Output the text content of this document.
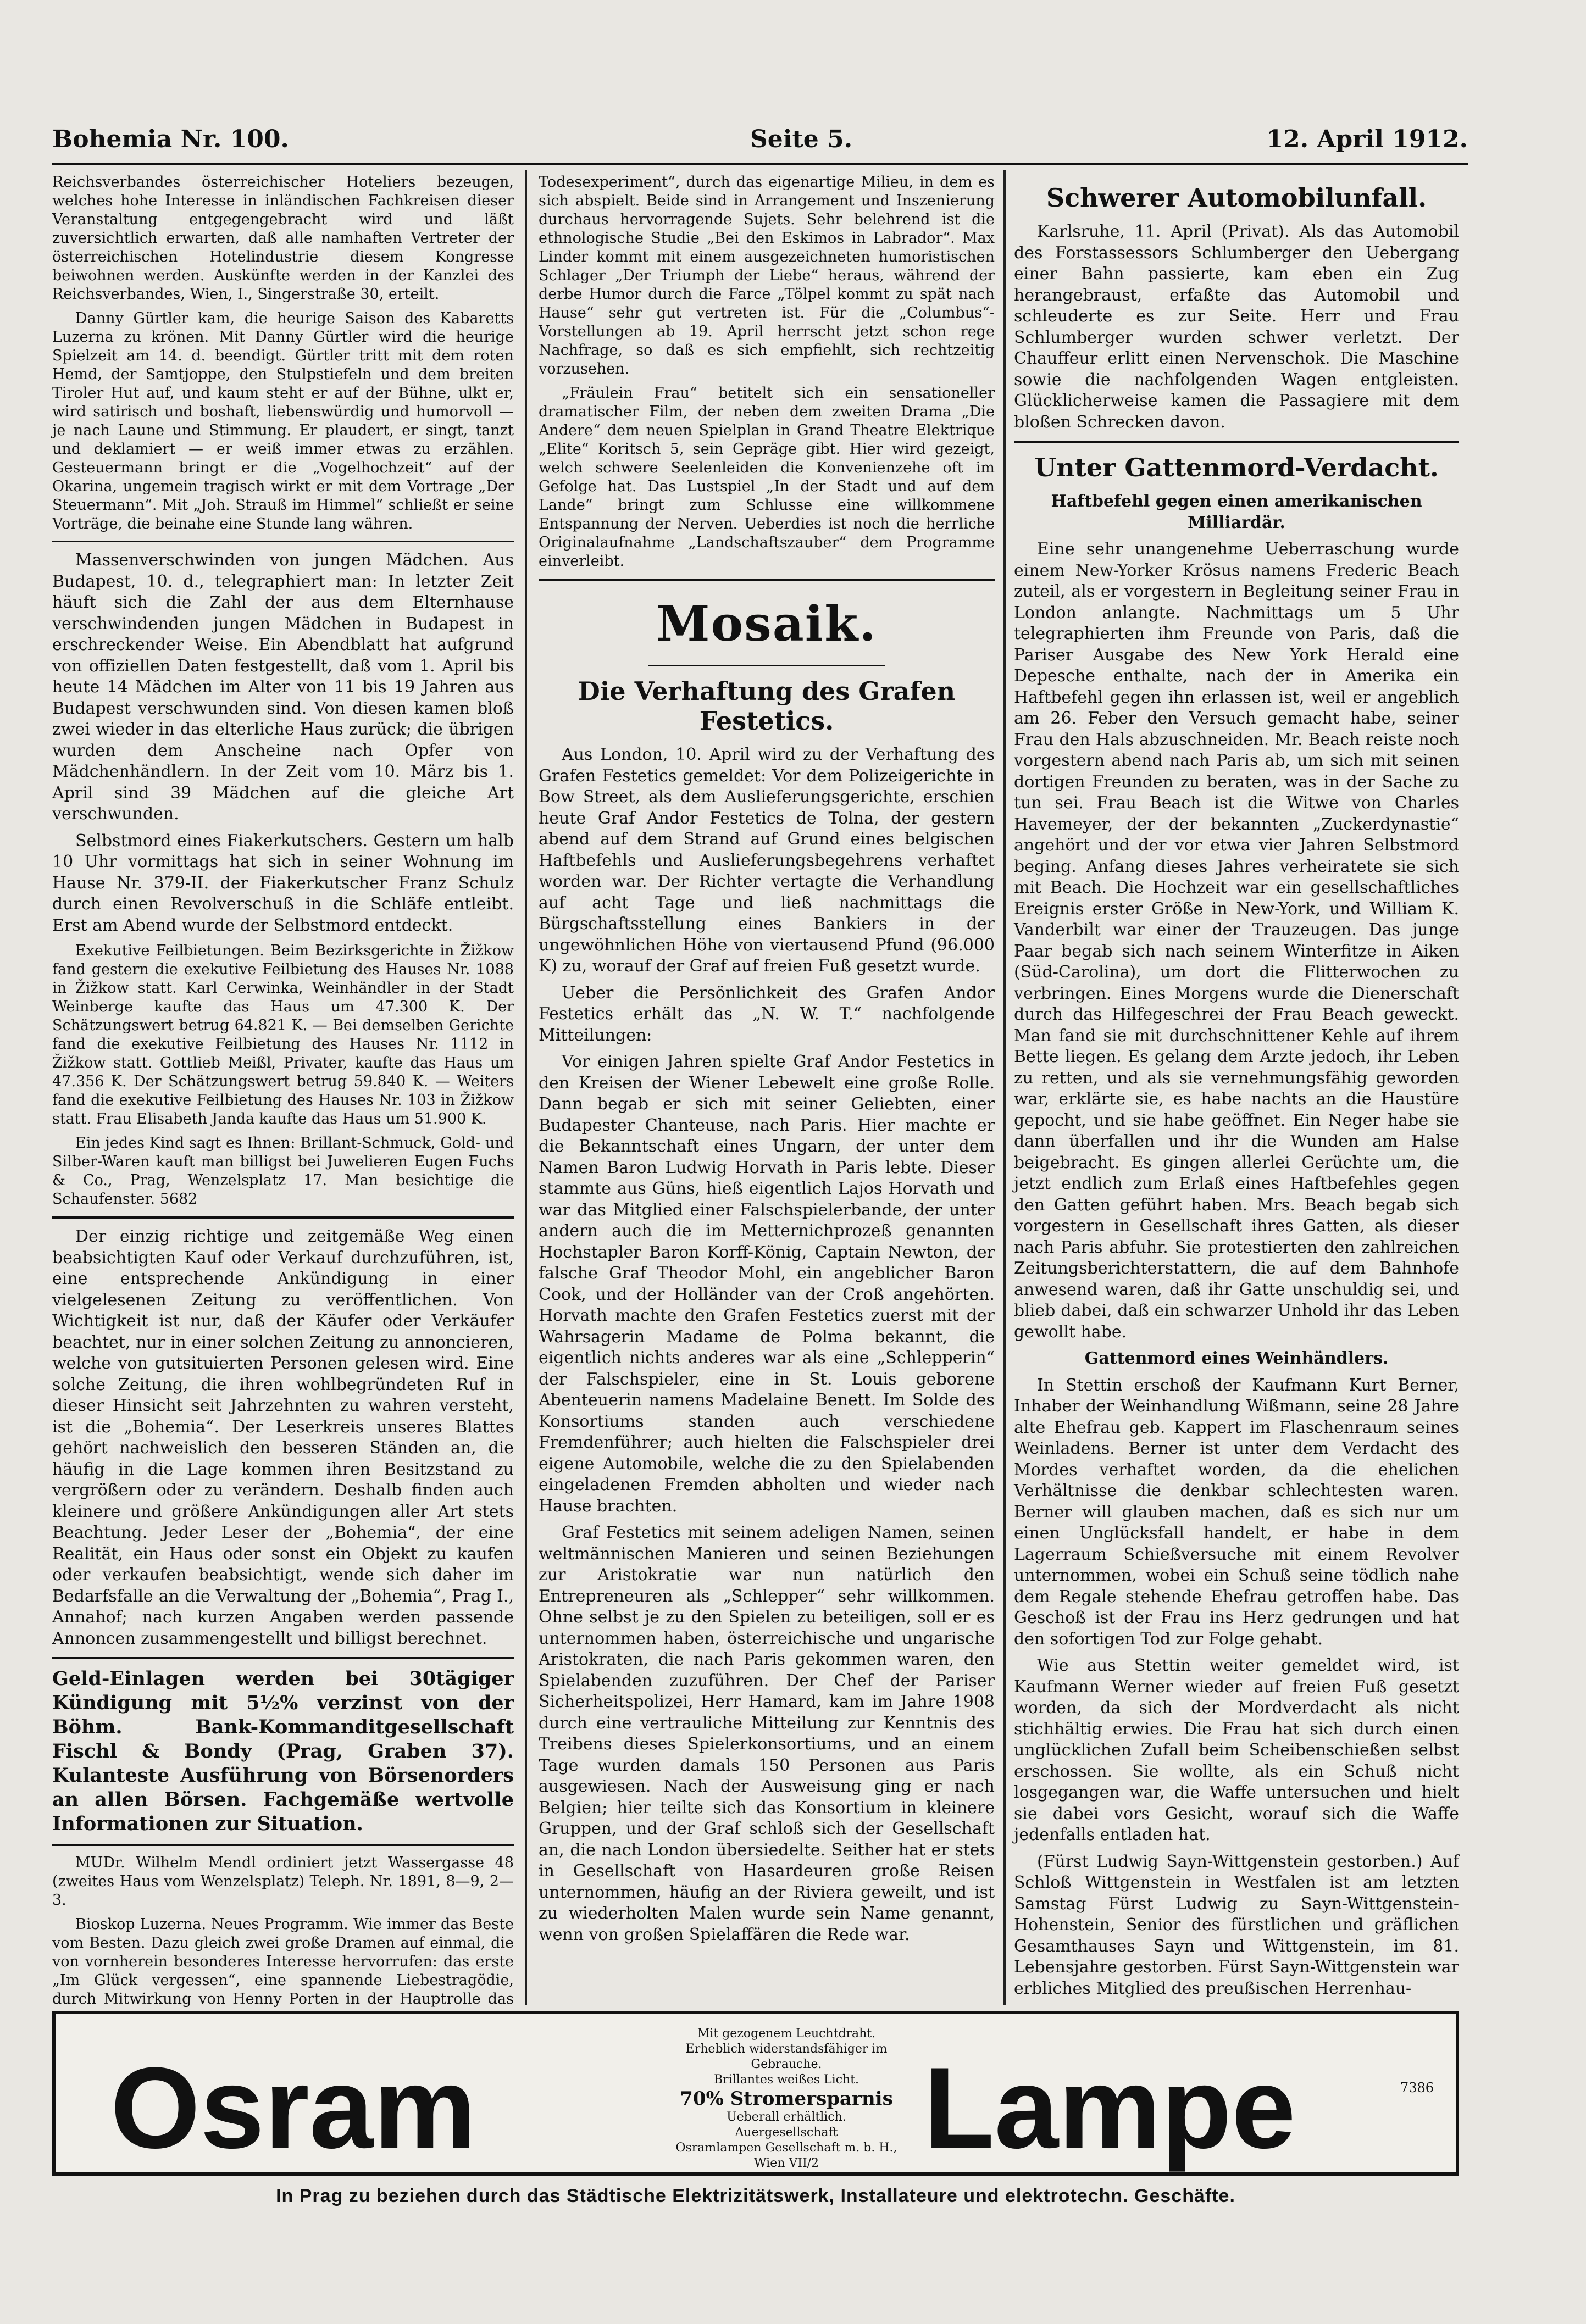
Bohemia Nr. 100.	Seite 5.	12. April 1912.

Reichsverbandes österreichischer Hoteliers bezeugen, welches hohe Interesse in inländischen Fachkreisen dieser Veranstaltung entgegengebracht wird und läßt zuversichtlich erwarten, daß alle namhaften Vertreter der österreichischen Hotelindustrie diesem Kongresse beiwohnen werden. Auskünfte werden in der Kanzlei des Reichsverbandes, Wien, I., Singerstraße 30, erteilt.

Danny Gürtler kam, die heurige Saison des Kabaretts Luzerna zu krönen. Mit Danny Gürtler wird die heurige Spielzeit am 14. d. beendigt. Gürtler tritt mit dem roten Hemd, der Samtjoppe, den Stulpstiefeln und dem breiten Tiroler Hut auf, und kaum steht er auf der Bühne, ulkt er, wird satirisch und boshaft, liebenswürdig und humorvoll — je nach Laune und Stimmung. Er plaudert, er singt, tanzt und deklamiert — er weiß immer etwas zu erzählen. Gesteuermann bringt er die „Vogelhochzeit“ auf der Okarina, ungemein tragisch wirkt er mit dem Vortrage „Der Steuermann“. Mit „Joh. Strauß im Himmel“ schließt er seine Vorträge, die beinahe eine Stunde lang währen.

Massenverschwinden von jungen Mädchen. Aus Budapest, 10. d., telegraphiert man: In letzter Zeit häuft sich die Zahl der aus dem Elternhause verschwindenden jungen Mädchen in Budapest in erschreckender Weise. Ein Abendblatt hat aufgrund von offiziellen Daten festgestellt, daß vom 1. April bis heute 14 Mädchen im Alter von 11 bis 19 Jahren aus Budapest verschwunden sind. Von diesen kamen bloß zwei wieder in das elterliche Haus zurück; die übrigen wurden dem Anscheine nach Opfer von Mädchenhändlern. In der Zeit vom 10. März bis 1. April sind 39 Mädchen auf die gleiche Art verschwunden.

Selbstmord eines Fiakerkutschers. Gestern um halb 10 Uhr vormittags hat sich in seiner Wohnung im Hause Nr. 379-II. der Fiakerkutscher Franz Schulz durch einen Revolverschuß in die Schläfe entleibt. Erst am Abend wurde der Selbstmord entdeckt.

Exekutive Feilbietungen. Beim Bezirksgerichte in Žižkow fand gestern die exekutive Feilbietung des Hauses Nr. 1088 in Žižkow statt. Karl Cerwinka, Weinhändler in der Stadt Weinberge kaufte das Haus um 47.300 K. Der Schätzungswert betrug 64.821 K. — Bei demselben Gerichte fand die exekutive Feilbietung des Hauses Nr. 1112 in Žižkow statt. Gottlieb Meißl, Privater, kaufte das Haus um 47.356 K. Der Schätzungswert betrug 59.840 K. — Weiters fand die exekutive Feilbietung des Hauses Nr. 103 in Žižkow statt. Frau Elisabeth Janda kaufte das Haus um 51.900 K.

Ein jedes Kind sagt es Ihnen: Brillant-Schmuck, Gold- und Silber-Waren kauft man billigst bei Juwelieren Eugen Fuchs & Co., Prag, Wenzelsplatz 17. Man besichtige die Schaufenster. 5682

Der einzig richtige und zeitgemäße Weg einen beabsichtigten Kauf oder Verkauf durchzuführen, ist, eine entsprechende Ankündigung in einer vielgelesenen Zeitung zu veröffentlichen. Von Wichtigkeit ist nur, daß der Käufer oder Verkäufer beachtet, nur in einer solchen Zeitung zu annoncieren, welche von gutsituierten Personen gelesen wird. Eine solche Zeitung, die ihren wohlbegründeten Ruf in dieser Hinsicht seit Jahrzehnten zu wahren versteht, ist die „Bohemia“. Der Leserkreis unseres Blattes gehört nachweislich den besseren Ständen an, die häufig in die Lage kommen ihren Besitzstand zu vergrößern oder zu verändern. Deshalb finden auch kleinere und größere Ankündigungen aller Art stets Beachtung. Jeder Leser der „Bohemia“, der eine Realität, ein Haus oder sonst ein Objekt zu kaufen oder verkaufen beabsichtigt, wende sich daher im Bedarfsfalle an die Verwaltung der „Bohemia“, Prag I., Annahof; nach kurzen Angaben werden passende Annoncen zusammengestellt und billigst berechnet.

Geld-Einlagen werden bei 30tägiger Kündigung mit 5½% verzinst von der Böhm. Bank-Kommanditgesellschaft Fischl & Bondy (Prag, Graben 37). Kulanteste Ausführung von Börsenorders an allen Börsen. Fachgemäße wertvolle Informationen zur Situation.

MUDr. Wilhelm Mendl ordiniert jetzt Wassergasse 48 (zweites Haus vom Wenzelsplatz) Teleph. Nr. 1891, 8—9, 2—3.

Bioskop Luzerna. Neues Programm. Wie immer das Beste vom Besten. Dazu gleich zwei große Dramen auf einmal, die von vornherein besonderes Interesse hervorrufen: das erste „Im Glück vergessen“, eine spannende Liebestragödie, durch Mitwirkung von Henny Porten in der Hauptrolle das

Todesexperiment“, durch das eigenartige Milieu, in dem es sich abspielt. Beide sind in Arrangement und Inszenierung durchaus hervorragende Sujets. Sehr belehrend ist die ethnologische Studie „Bei den Eskimos in Labrador“. Max Linder kommt mit einem ausgezeichneten humoristischen Schlager „Der Triumph der Liebe“ heraus, während der derbe Humor durch die Farce „Tölpel kommt zu spät nach Hause“ sehr gut vertreten ist. Für die „Columbus“-Vorstellungen ab 19. April herrscht jetzt schon rege Nachfrage, so daß es sich empfiehlt, sich rechtzeitig vorzusehen.

„Fräulein Frau“ betitelt sich ein sensationeller dramatischer Film, der neben dem zweiten Drama „Die Andere“ dem neuen Spielplan in Grand Theatre Elektrique „Elite“ Koritsch 5, sein Gepräge gibt. Hier wird gezeigt, welch schwere Seelenleiden die Konvenienzehe oft im Gefolge hat. Das Lustspiel „In der Stadt und auf dem Lande“ bringt zum Schlusse eine willkommene Entspannung der Nerven. Ueberdies ist noch die herrliche Originalaufnahme „Landschaftszauber“ dem Programme einverleibt.

Mosaik.
Die Verhaftung des Grafen Festetics.

Aus London, 10. April wird zu der Verhaftung des Grafen Festetics gemeldet: Vor dem Polizeigerichte in Bow Street, als dem Auslieferungsgerichte, erschien heute Graf Andor Festetics de Tolna, der gestern abend auf dem Strand auf Grund eines belgischen Haftbefehls und Auslieferungsbegehrens verhaftet worden war. Der Richter vertagte die Verhandlung auf acht Tage und ließ nachmittags die Bürgschaftsstellung eines Bankiers in der ungewöhnlichen Höhe von viertausend Pfund (96.000 K) zu, worauf der Graf auf freien Fuß gesetzt wurde.

Ueber die Persönlichkeit des Grafen Andor Festetics erhält das „N. W. T.“ nachfolgende Mitteilungen:

Vor einigen Jahren spielte Graf Andor Festetics in den Kreisen der Wiener Lebewelt eine große Rolle. Dann begab er sich mit seiner Geliebten, einer Budapester Chanteuse, nach Paris. Hier machte er die Bekanntschaft eines Ungarn, der unter dem Namen Baron Ludwig Horvath in Paris lebte. Dieser stammte aus Güns, hieß eigentlich Lajos Horvath und war das Mitglied einer Falschspielerbande, der unter andern auch die im Metternichprozeß genannten Hochstapler Baron Korff-König, Captain Newton, der falsche Graf Theodor Mohl, ein angeblicher Baron Cook, und der Holländer van der Croß angehörten. Horvath machte den Grafen Festetics zuerst mit der Wahrsagerin Madame de Polma bekannt, die eigentlich nichts anderes war als eine „Schlepperin“ der Falschspieler, eine in St. Louis geborene Abenteuerin namens Madelaine Benett. Im Solde des Konsortiums standen auch verschiedene Fremdenführer; auch hielten die Falschspieler drei eigene Automobile, welche die zu den Spielabenden eingeladenen Fremden abholten und wieder nach Hause brachten.

Graf Festetics mit seinem adeligen Namen, seinen weltmännischen Manieren und seinen Beziehungen zur Aristokratie war nun natürlich den Entrepreneuren als „Schlepper“ sehr willkommen. Ohne selbst je zu den Spielen zu beteiligen, soll er es unternommen haben, österreichische und ungarische Aristokraten, die nach Paris gekommen waren, den Spielabenden zuzuführen. Der Chef der Pariser Sicherheitspolizei, Herr Hamard, kam im Jahre 1908 durch eine vertrauliche Mitteilung zur Kenntnis des Treibens dieses Spielerkonsortiums, und an einem Tage wurden damals 150 Personen aus Paris ausgewiesen. Nach der Ausweisung ging er nach Belgien; hier teilte sich das Konsortium in kleinere Gruppen, und der Graf schloß sich der Gesellschaft an, die nach London übersiedelte. Seither hat er stets in Gesellschaft von Hasardeuren große Reisen unternommen, häufig an der Riviera geweilt, und ist zu wiederholten Malen wurde sein Name genannt, wenn von großen Spielaffären die Rede war.

Schwerer Automobilunfall.

Karlsruhe, 11. April (Privat). Als das Automobil des Forstassessors Schlumberger den Uebergang einer Bahn passierte, kam eben ein Zug herangebraust, erfaßte das Automobil und schleuderte es zur Seite. Herr und Frau Schlumberger wurden schwer verletzt. Der Chauffeur erlitt einen Nervenschok. Die Maschine sowie die nachfolgenden Wagen entgleisten. Glücklicherweise kamen die Passagiere mit dem bloßen Schrecken davon.

Unter Gattenmord-Verdacht.

Haftbefehl gegen einen amerikanischen Milliardär.

Eine sehr unangenehme Ueberraschung wurde einem New-Yorker Krösus namens Frederic Beach zuteil, als er vorgestern in Begleitung seiner Frau in London anlangte. Nachmittags um 5 Uhr telegraphierten ihm Freunde von Paris, daß die Pariser Ausgabe des New York Herald eine Depesche enthalte, nach der in Amerika ein Haftbefehl gegen ihn erlassen ist, weil er angeblich am 26. Feber den Versuch gemacht habe, seiner Frau den Hals abzuschneiden. Mr. Beach reiste noch vorgestern abend nach Paris ab, um sich mit seinen dortigen Freunden zu beraten, was in der Sache zu tun sei. Frau Beach ist die Witwe von Charles Havemeyer, der der bekannten „Zuckerdynastie“ angehört und der vor etwa vier Jahren Selbstmord beging. Anfang dieses Jahres verheiratete sie sich mit Beach. Die Hochzeit war ein gesellschaftliches Ereignis erster Größe in New-York, und William K. Vanderbilt war einer der Trauzeugen. Das junge Paar begab sich nach seinem Winterfitze in Aiken (Süd-Carolina), um dort die Flitterwochen zu verbringen. Eines Morgens wurde die Dienerschaft durch das Hilfegeschrei der Frau Beach geweckt. Man fand sie mit durchschnittener Kehle auf ihrem Bette liegen. Es gelang dem Arzte jedoch, ihr Leben zu retten, und als sie vernehmungsfähig geworden war, erklärte sie, es habe nachts an die Haustüre gepocht, und sie habe geöffnet. Ein Neger habe sie dann überfallen und ihr die Wunden am Halse beigebracht. Es gingen allerlei Gerüchte um, die jetzt endlich zum Erlaß eines Haftbefehles gegen den Gatten geführt haben. Mrs. Beach begab sich vorgestern in Gesellschaft ihres Gatten, als dieser nach Paris abfuhr. Sie protestierten den zahlreichen Zeitungsberichterstattern, die auf dem Bahnhofe anwesend waren, daß ihr Gatte unschuldig sei, und blieb dabei, daß ein schwarzer Unhold ihr das Leben gewollt habe.

Gattenmord eines Weinhändlers.

In Stettin erschoß der Kaufmann Kurt Berner, Inhaber der Weinhandlung Wißmann, seine 28 Jahre alte Ehefrau geb. Kappert im Flaschenraum seines Weinladens. Berner ist unter dem Verdacht des Mordes verhaftet worden, da die ehelichen Verhältnisse die denkbar schlechtesten waren. Berner will glauben machen, daß es sich nur um einen Unglücksfall handelt, er habe in dem Lagerraum Schießversuche mit einem Revolver unternommen, wobei ein Schuß seine tödlich nahe dem Regale stehende Ehefrau getroffen habe. Das Geschoß ist der Frau ins Herz gedrungen und hat den sofortigen Tod zur Folge gehabt.

Wie aus Stettin weiter gemeldet wird, ist Kaufmann Werner wieder auf freien Fuß gesetzt worden, da sich der Mordverdacht als nicht stichhältig erwies. Die Frau hat sich durch einen unglücklichen Zufall beim Scheibenschießen selbst erschossen. Sie wollte, als ein Schuß nicht losgegangen war, die Waffe untersuchen und hielt sie dabei vors Gesicht, worauf sich die Waffe jedenfalls entladen hat.

(Fürst Ludwig Sayn-Wittgenstein gestorben.) Auf Schloß Wittgenstein in Westfalen ist am letzten Samstag Fürst Ludwig zu Sayn-Wittgenstein-Hohenstein, Senior des fürstlichen und gräflichen Gesamthauses Sayn und Wittgenstein, im 81. Lebensjahre gestorben. Fürst Sayn-Wittgenstein war erbliches Mitglied des preußischen Herrenhau-

Osram
Mit gezogenem Leuchtdraht.
Erheblich widerstandsfähiger im Gebrauche.
Brillantes weißes Licht.
70% Stromersparnis
Ueberall erhältlich.
Auergesellschaft
Osramlampen Gesellschaft m. b. H.,
Wien VII/2 Lampe	7386
In Prag zu beziehen durch das Städtische Elektrizitätswerk, Installateure und elektrotechn. Geschäfte.
